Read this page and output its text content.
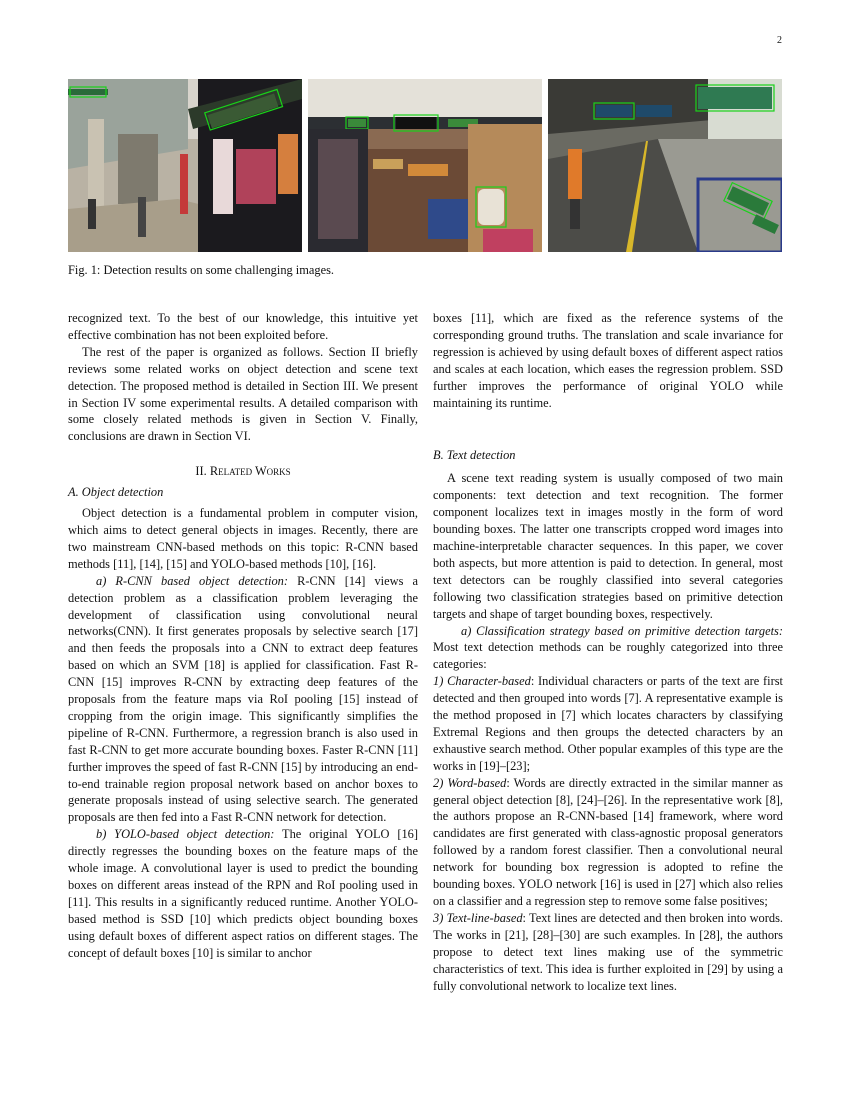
2
Fig. 1: Detection results on some challenging images.

recognized text. To the best of our knowledge, this intuitive yet effective combination has not been exploited before.

The rest of the paper is organized as follows. Section II briefly reviews some related works on object detection and scene text detection. The proposed method is detailed in Section III. We present in Section IV some experimental results. A detailed comparison with some closely related methods is given in Section V. Finally, conclusions are drawn in Section VI.

II. Related Works

A. Object detection

Object detection is a fundamental problem in computer vision, which aims to detect general objects in images. Recently, there are two mainstream CNN-based methods on this topic: R-CNN based methods [11], [14], [15] and YOLO-based methods [10], [16].

a) R-CNN based object detection: R-CNN [14] views a detection problem as a classification problem leveraging the development of classification using convolutional neural networks(CNN). It first generates proposals by selective search [17] and then feeds the proposals into a CNN to extract deep features based on which an SVM [18] is applied for classification. Fast R-CNN [15] improves R-CNN by extracting deep features of the proposals from the feature maps via RoI pooling [15] instead of cropping from the origin image. This significantly simplifies the pipeline of R-CNN. Furthermore, a regression branch is also used in fast R-CNN to get more accurate bounding boxes. Faster R-CNN [11] further improves the speed of fast R-CNN [15] by introducing an end-to-end trainable region proposal network based on anchor boxes to generate proposals instead of using selective search. The generated proposals are then fed into a Fast R-CNN network for detection.

b) YOLO-based object detection: The original YOLO [16] directly regresses the bounding boxes on the feature maps of the whole image. A convolutional layer is used to predict the bounding boxes on different areas instead of the RPN and RoI pooling used in [11]. This results in a significantly reduced runtime. Another YOLO-based method is SSD [10] which predicts object bounding boxes using default boxes of different aspect ratios on different stages. The concept of default boxes [10] is similar to anchor

boxes [11], which are fixed as the reference systems of the corresponding ground truths. The translation and scale invariance for regression is achieved by using default boxes of different aspect ratios and scales at each location, which eases the regression problem. SSD further improves the performance of original YOLO while maintaining its runtime.

B. Text detection

A scene text reading system is usually composed of two main components: text detection and text recognition. The former component localizes text in images mostly in the form of word bounding boxes. The latter one transcripts cropped word images into machine-interpretable character sequences. In this paper, we cover both aspects, but more attention is paid to detection. In general, most text detectors can be roughly classified into several categories following two classification strategies based on primitive detection targets and shape of target bounding boxes, respectively.

a) Classification strategy based on primitive detection targets: Most text detection methods can be roughly categorized into three categories:

1) Character-based: Individual characters or parts of the text are first detected and then grouped into words [7]. A representative example is the method proposed in [7] which locates characters by classifying Extremal Regions and then groups the detected characters by an exhaustive search method. Other popular examples of this type are the works in [19]–[23];

2) Word-based: Words are directly extracted in the similar manner as general object detection [8], [24]–[26]. In the representative work [8], the authors propose an R-CNN-based [14] framework, where word candidates are first generated with class-agnostic proposal generators followed by a random forest classifier. Then a convolutional neural network for bounding box regression is adopted to refine the bounding boxes. YOLO network [16] is used in [27] which also relies on a classifier and a regression step to remove some false positives;

3) Text-line-based: Text lines are detected and then broken into words. The works in [21], [28]–[30] are such examples. In [28], the authors propose to detect text lines making use of the symmetric characteristics of text. This idea is further exploited in [29] by using a fully convolutional network to localize text lines.
